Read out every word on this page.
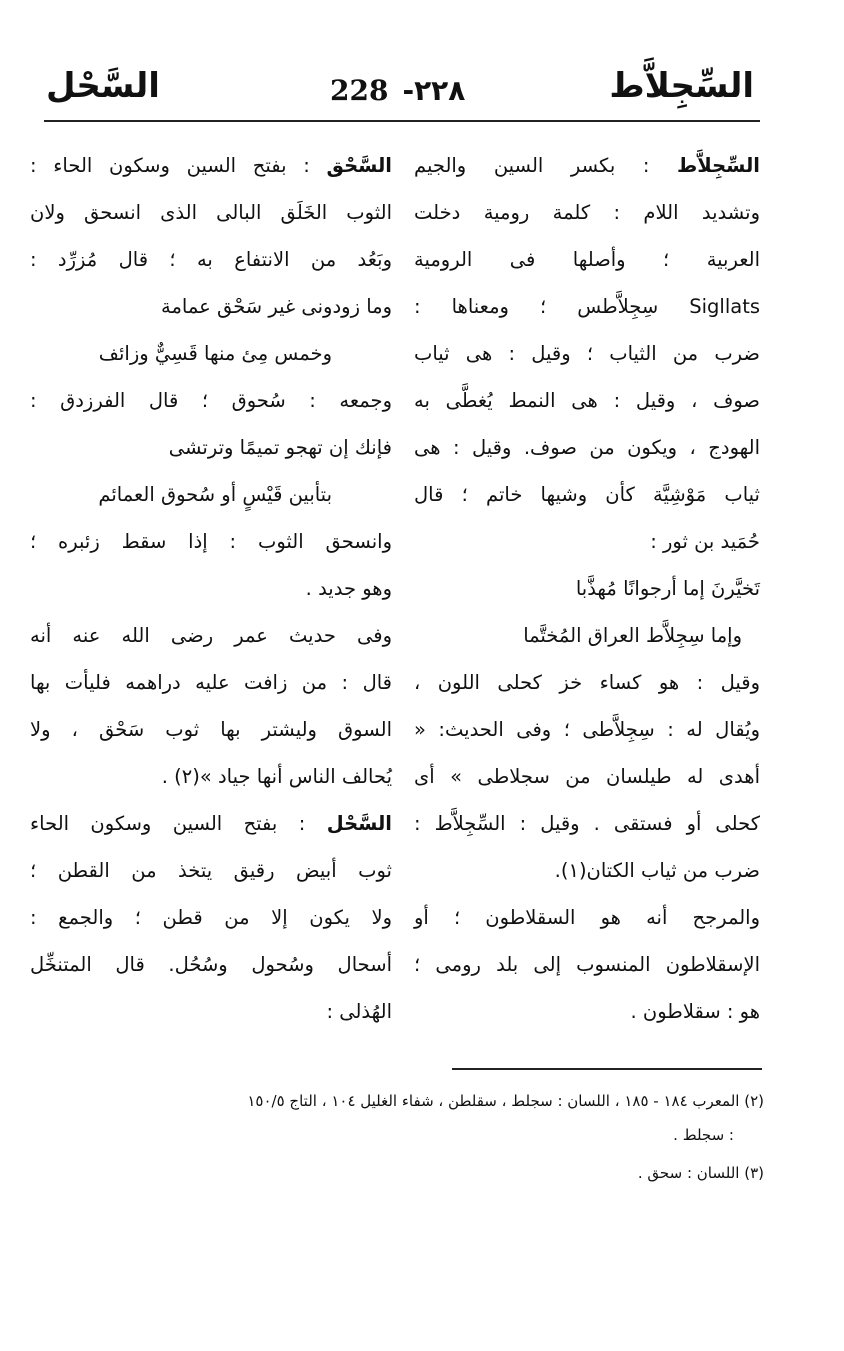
السِّجِلاَّط
228 -٢٢٨
السَّحْل
السِّجِلاَّط : بكسر السين والجيم
وتشديد اللام : كلمة رومية دخلت
العربية ؛ وأصلها فى الرومية
Sigllats سِجِلاَّطس ؛ ومعناها :
ضرب من الثياب ؛ وقيل : هى ثياب
صوف ، وقيل : هى النمط يُغطَّى به
الهودج ، ويكون من صوف. وقيل : هى
ثياب مَوْشِيَّة كأن وشيها خاتم ؛ قال
حُمَيد بن ثور :
تَخيَّرنَ إما أرجوانًا مُهذَّبا
وإما سِجِلاَّط العراق المُختَّما
وقيل : هو كساء خز كحلى اللون ،
ويُقال له : سِجِلاَّطى ؛ وفى الحديث: «
أهدى له طيلسان من سجلاطى » أى
كحلى أو فستقى . وقيل : السِّجِلاَّط :
ضرب من ثياب الكتان(١).
والمرجح أنه هو السقلاطون ؛ أو
الإسقلاطون المنسوب إلى بلد رومى ؛
هو : سقلاطون .
السَّحْق : بفتح السين وسكون الحاء :
الثوب الخَلَق البالى الذى انسحق ولان
وبَعُد من الانتفاع به ؛ قال مُزرِّد :
وما زودونى غير سَحْق عمامة
وخمس مِئ منها قَسِيٌّ وزائف
وجمعه : سُحوق ؛ قال الفرزدق :
فإنك إن تهجو تميمًا وترتشى
بتأبين قَيْسٍ أو سُحوق العمائم
وانسحق الثوب : إذا سقط زئبره ؛
وهو جديد .
وفى حديث عمر رضى الله عنه أنه
قال : من زافت عليه دراهمه فليأت بها
السوق وليشتر بها ثوب سَحْق ، ولا
يُحالف الناس أنها جياد »(٢) .
السَّحْل : بفتح السين وسكون الحاء
ثوب أبيض رقيق يتخذ من القطن ؛
ولا يكون إلا من قطن ؛ والجمع :
أسحال وسُحول وسُحُل. قال المتنخِّل
الهُذلى :
(٢) المعرب ١٨٤ - ١٨٥ ، اللسان : سجلط ، سقلطن ، شفاء الغليل ١٠٤ ، التاج ١٥٠/٥
: سجلط .
(٣) اللسان : سحق .
